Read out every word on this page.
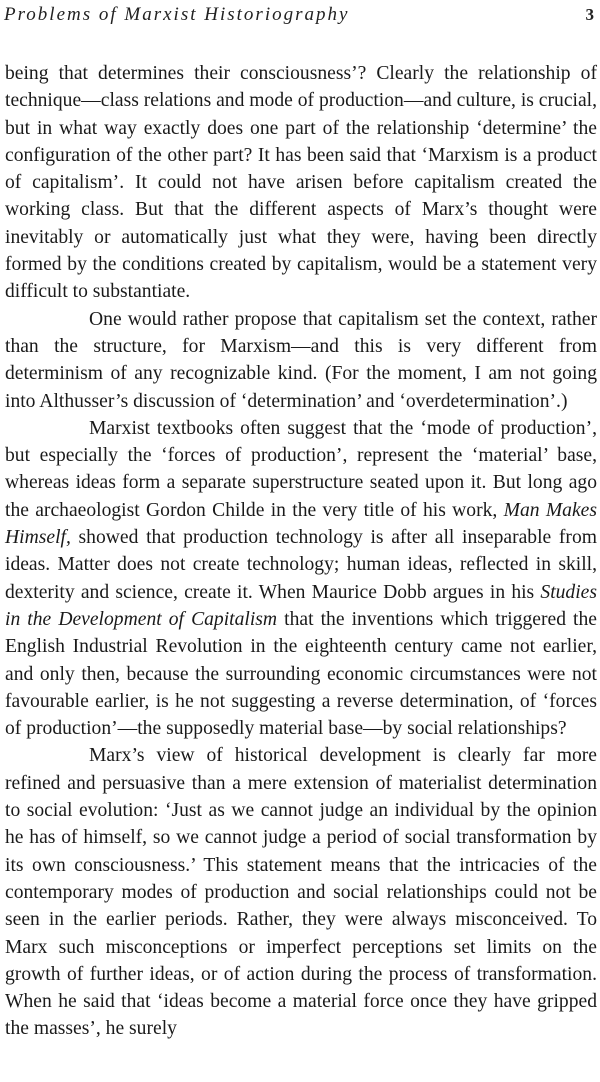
Problems of Marxist Historiography	3

being that determines their consciousness’? Clearly the relationship of technique—class relations and mode of production—and culture, is crucial, but in what way exactly does one part of the relationship ‘determine’ the configuration of the other part? It has been said that ‘Marxism is a product of capitalism’. It could not have arisen before capitalism created the working class. But that the different aspects of Marx’s thought were inevitably or automatically just what they were, having been directly formed by the conditions created by capitalism, would be a statement very difficult to substantiate.

One would rather propose that capitalism set the context, rather than the structure, for Marxism—and this is very different from determinism of any recognizable kind. (For the moment, I am not going into Althusser’s discussion of ‘determination’ and ‘overdetermination’.)

Marxist textbooks often suggest that the ‘mode of production’, but especially the ‘forces of production’, represent the ‘material’ base, whereas ideas form a separate superstructure seated upon it. But long ago the archaeologist Gordon Childe in the very title of his work, Man Makes Himself, showed that production technology is after all inseparable from ideas. Matter does not create technology; human ideas, reflected in skill, dexterity and science, create it. When Maurice Dobb argues in his Studies in the Development of Capitalism that the inventions which triggered the English Industrial Revolution in the eighteenth century came not earlier, and only then, because the surrounding economic circumstances were not favourable earlier, is he not suggesting a reverse determination, of ‘forces of production’—the supposedly material base—by social relationships?

Marx’s view of historical development is clearly far more refined and persuasive than a mere extension of materialist determination to social evolution: ‘Just as we cannot judge an individual by the opinion he has of himself, so we cannot judge a period of social transformation by its own consciousness.’ This statement means that the intricacies of the contemporary modes of production and social relationships could not be seen in the earlier periods. Rather, they were always misconceived. To Marx such misconceptions or imperfect perceptions set limits on the growth of further ideas, or of action during the process of transformation. When he said that ‘ideas become a material force once they have gripped the masses’, he surely
